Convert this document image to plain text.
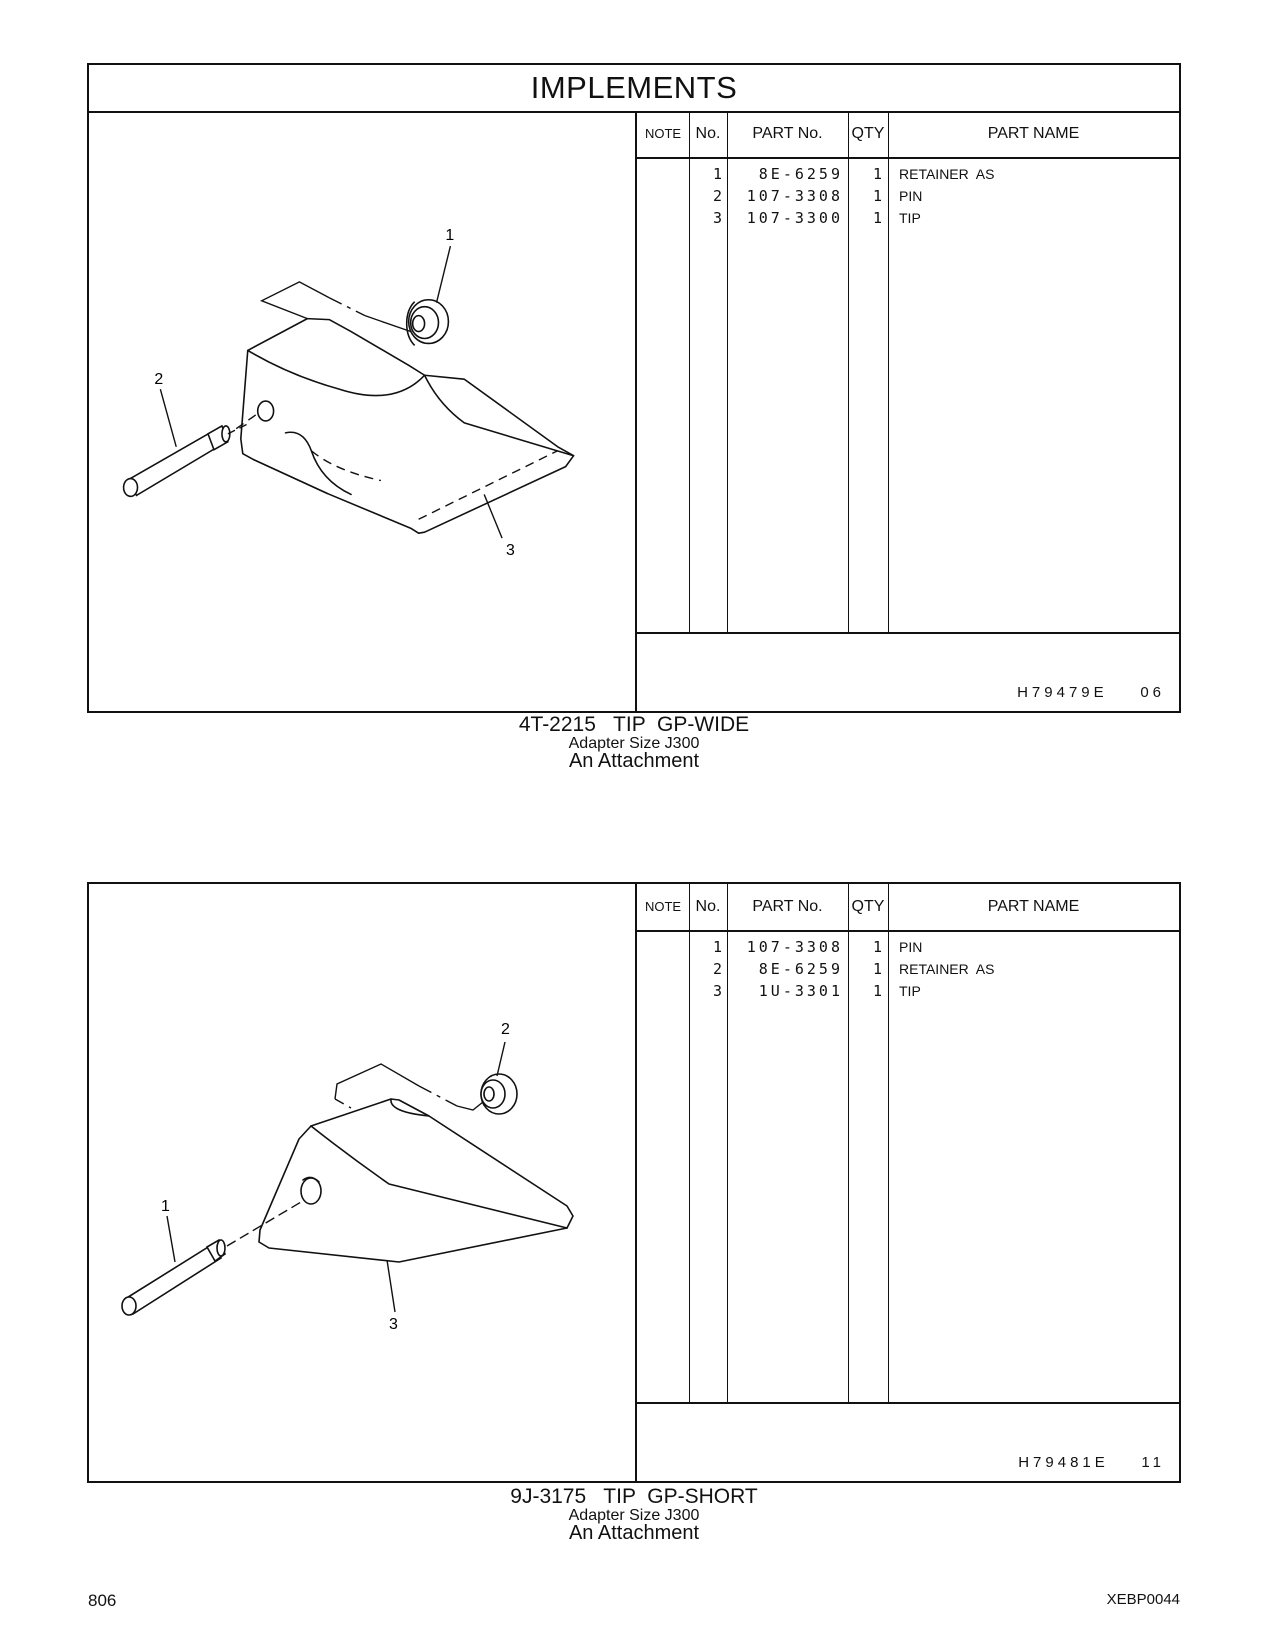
IMPLEMENTS
1
2
3
NOTE No.	PART No.	QTY	PART NAME
1	8E-6259	1 RETAINER  AS
2	107-3308	1 PIN
3	107-3300	1 TIP
H79479E    06
4T-2215   TIP  GP-WIDE
Adapter Size J300
An Attachment
2
1
3
NOTE No.	PART No.	QTY	PART NAME
1	107-3308	1 PIN
2	8E-6259	1 RETAINER  AS
3	1U-3301	1 TIP
H79481E    11
9J-3175   TIP  GP-SHORT
Adapter Size J300
An Attachment
806	XEBP0044
